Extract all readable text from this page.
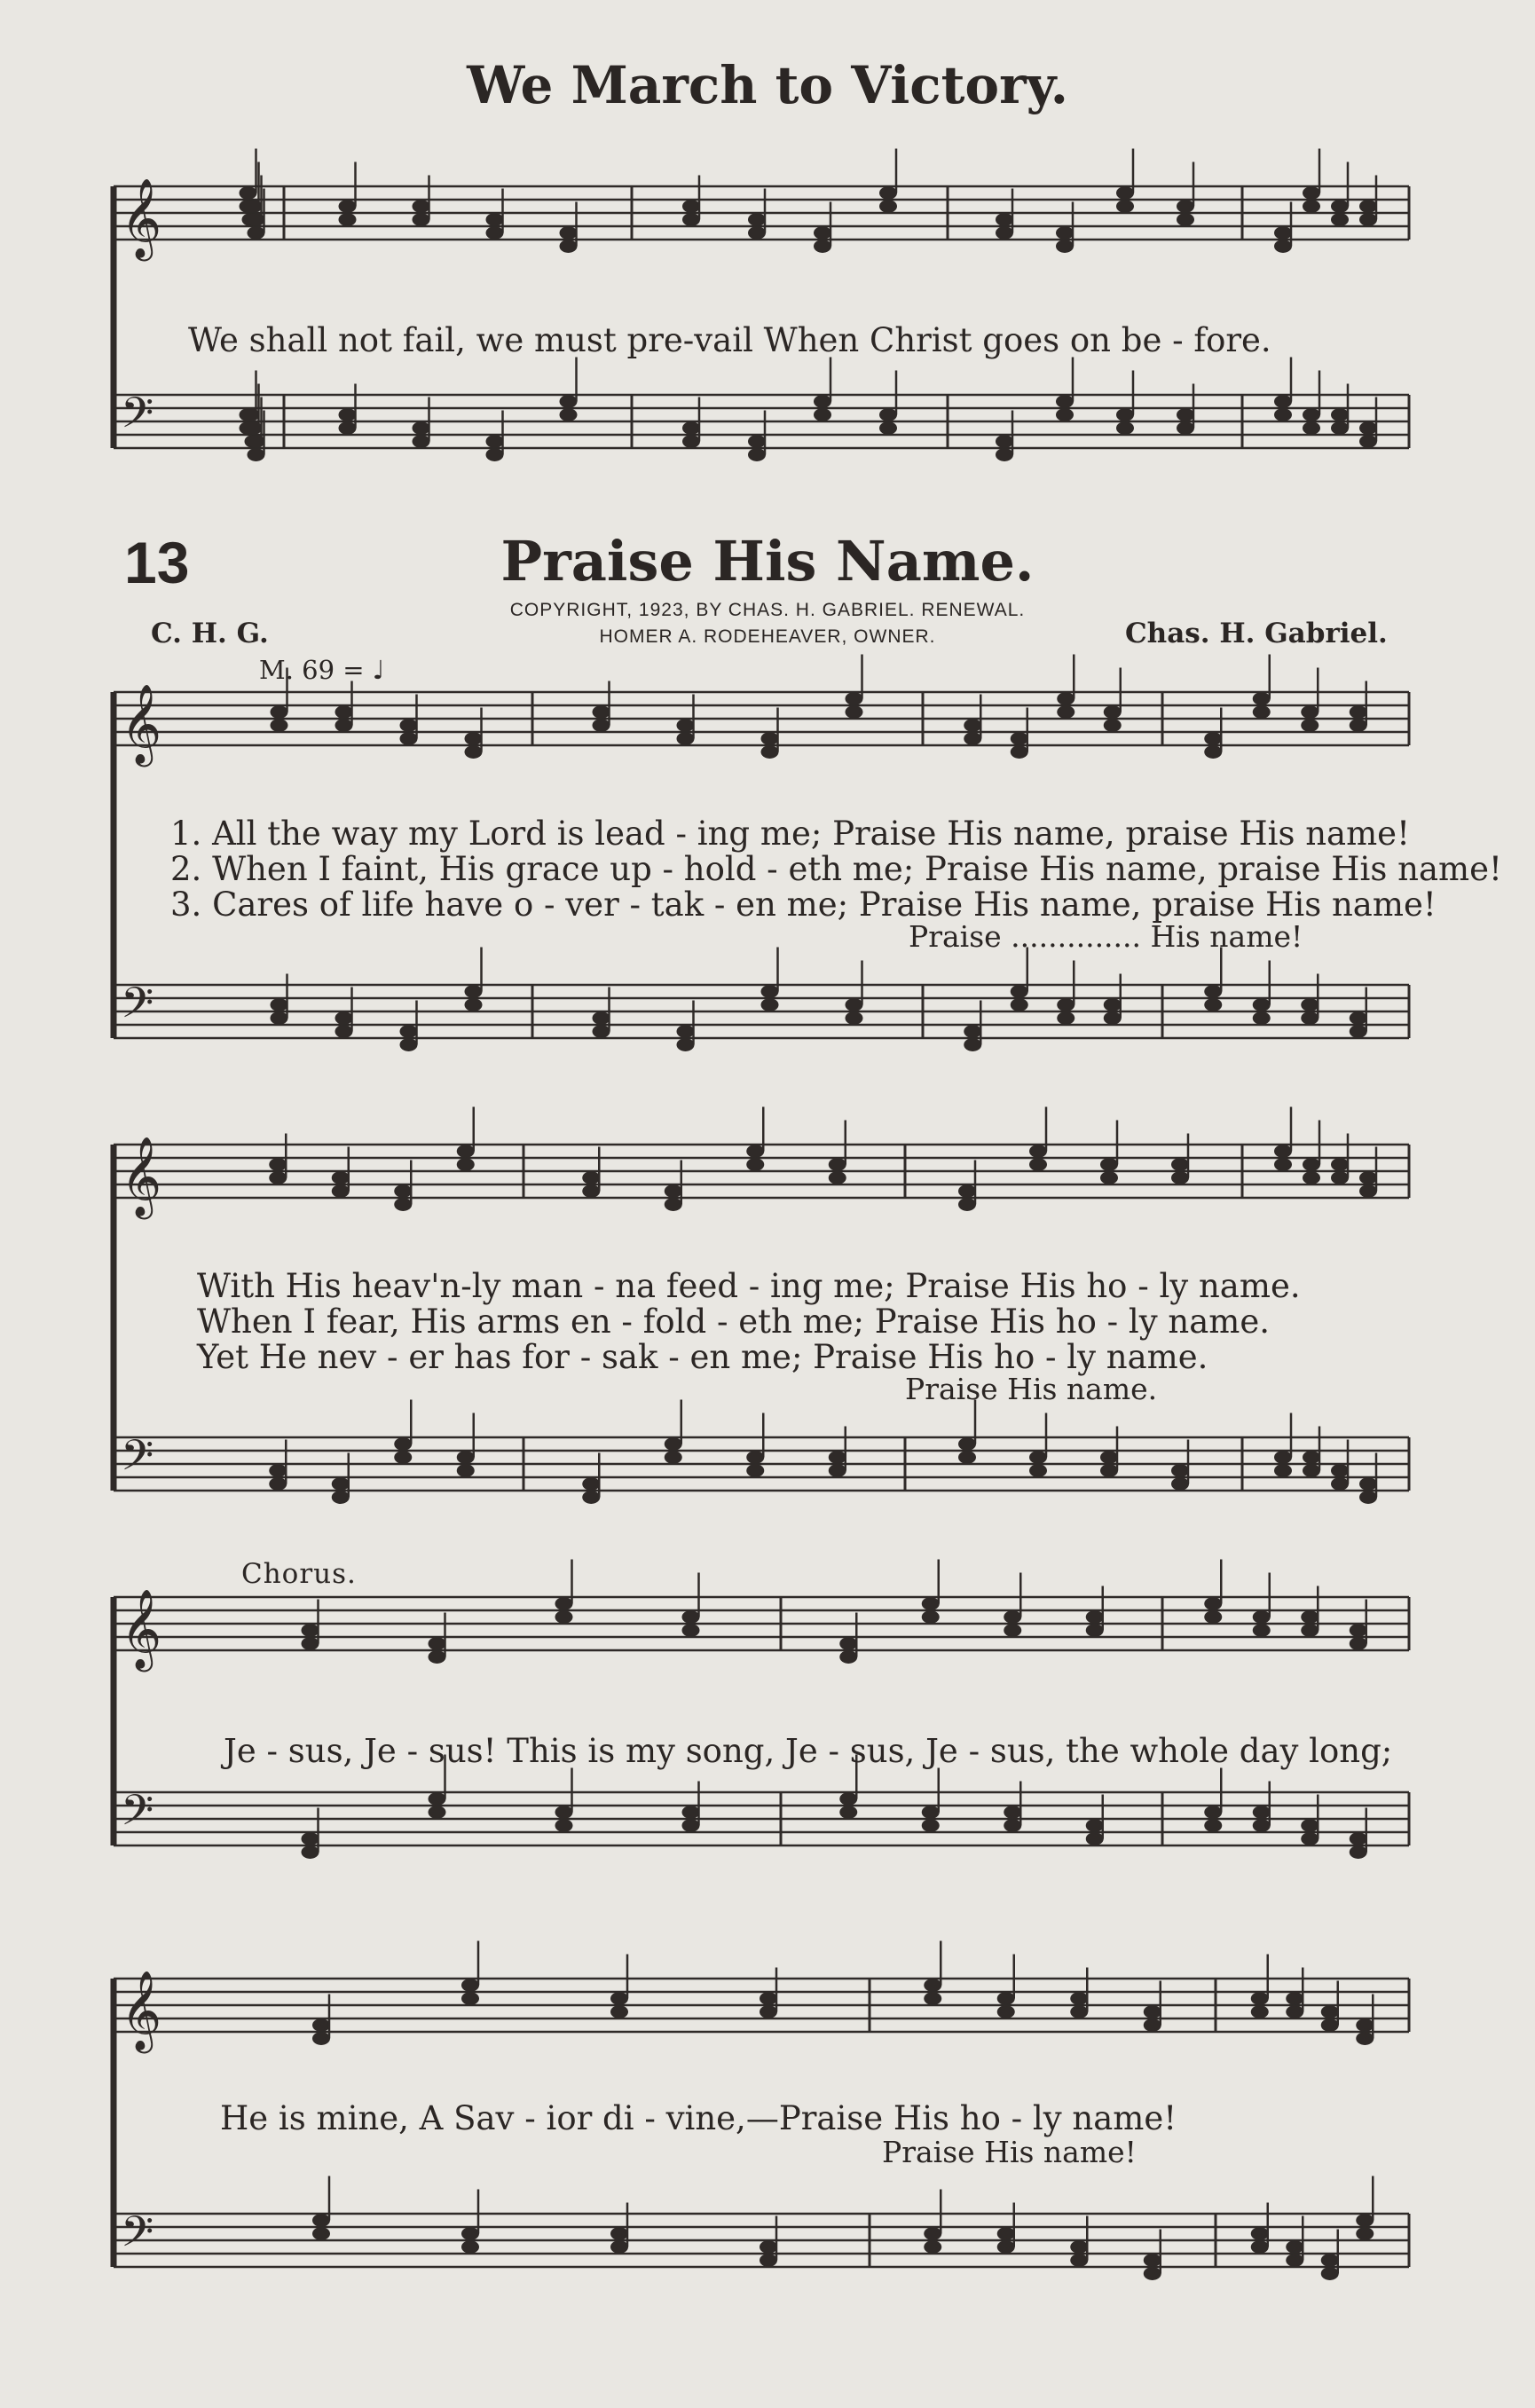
𝄞
𝄢
𝄞
𝄢
𝄞
𝄢
𝄞
𝄢
𝄞
𝄢
We March to Victory.
We shall not fail, we must pre-vail When Christ goes on be - fore.
13	Praise His Name.
COPYRIGHT, 1923, BY CHAS. H. GABRIEL. RENEWAL.
HOMER A. RODEHEAVER, OWNER.
C. H. G.	Chas. H. Gabriel.
M. 69 = ♩
1. All the way my Lord is lead - ing me; Praise His name, praise His name!
2. When I faint, His grace up - hold - eth me; Praise His name, praise His name!
3. Cares of life have o - ver - tak - en me; Praise His name, praise His name!
Praise .............. His name!
With His heav'n-ly man - na feed - ing me; Praise His ho - ly name.
When I fear, His arms en - fold - eth me; Praise His ho - ly name.
Yet He nev - er has for - sak - en me; Praise His ho - ly name.
Praise His name.
Chorus.
Je - sus, Je - sus! This is my song, Je - sus, Je - sus, the whole day long;
He is mine, A Sav - ior di - vine,—Praise His ho - ly name!
Praise His name!
